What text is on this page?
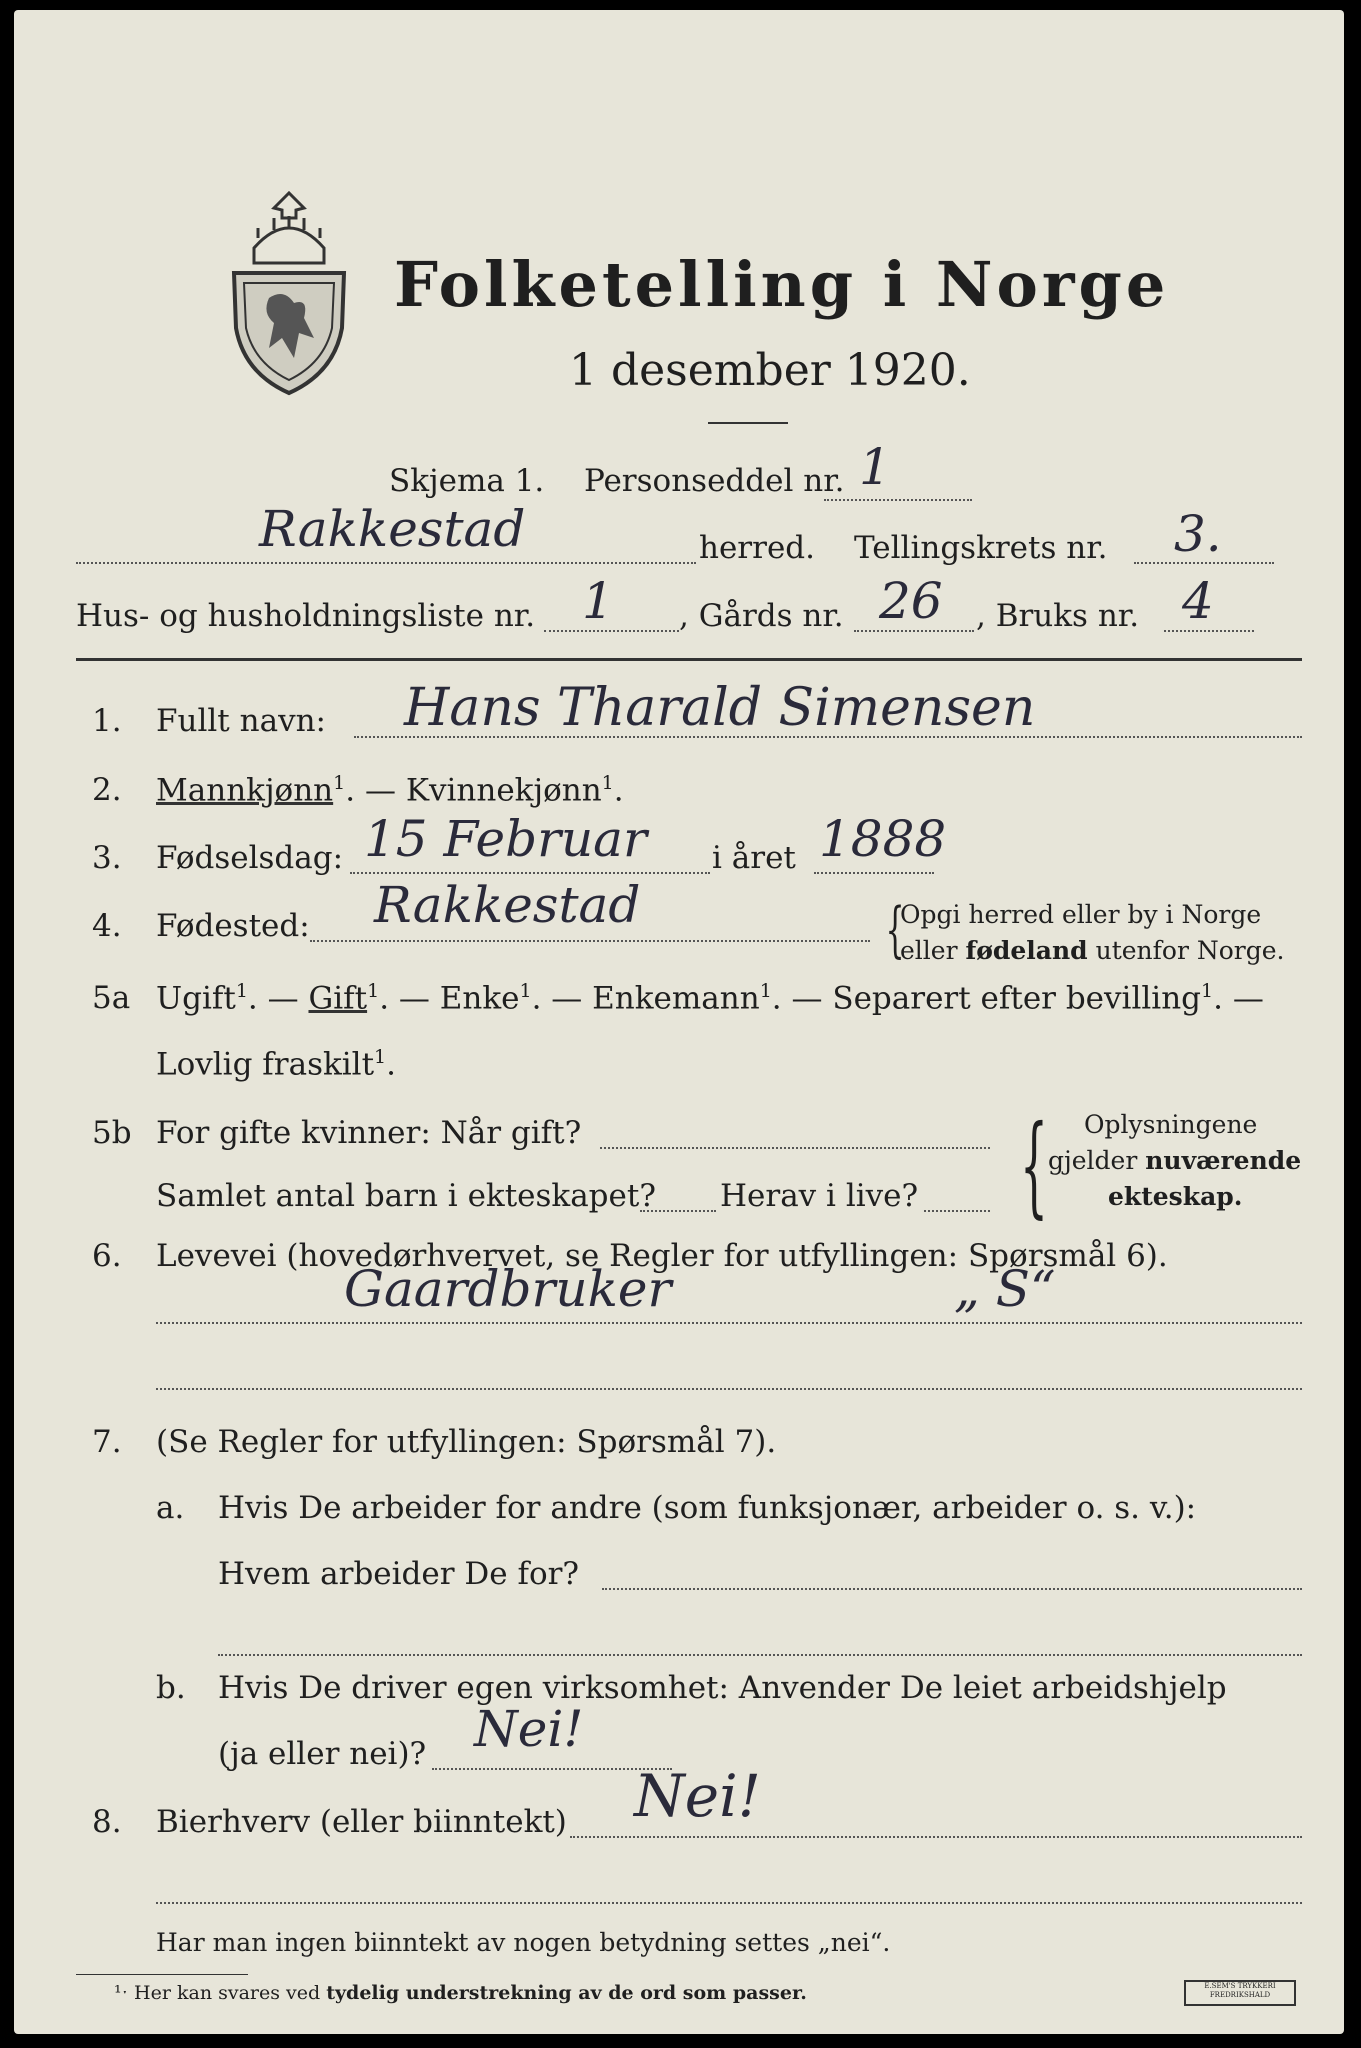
Folketelling i Norge
1 desember 1920.
Skjema 1. Personseddel nr. 1
Rakkestad	herred. Tellingskrets nr. 3.
Hus- og husholdningsliste nr. 1 , Gårds nr. 26 , Bruks nr. 4
1. Fullt navn: Hans Tharald Simensen
2. Mannkjønn$^1$. — Kvinnekjønn$^1$.
3. Fødselsdag: 15 Februar i året 1888
4. Fødested: Rakkestad	{
Opgi herred eller by i Norge
eller fødeland utenfor Norge.
5a Ugift$^1$. — Gift$^1$. — Enke$^1$. — Enkemann$^1$. — Separert efter bevilling$^1$. —
Lovlig fraskilt$^1$.
5b For gifte kvinner: Når gift?
Samlet antal barn i ekteskapet? Herav i live? { Oplysningene
gjelder nuværende
ekteskap.
6. Levevei (hovedørhvervet, se Regler for utfyllingen: Spørsmål 6).
Gaardbruker	„ S“
7. (Se Regler for utfyllingen: Spørsmål 7).
a. Hvis De arbeider for andre (som funksjonær, arbeider o. s. v.):
Hvem arbeider De for?
b. Hvis De driver egen virksomhet: Anvender De leiet arbeidshjelp
(ja eller nei)? Nei!
8. Bierhverv (eller biinntekt) Nei!
Har man ingen biinntekt av nogen betydning settes „nei“.
¹ˑ Her kan svares ved tydelig understrekning av de ord som passer.	E.SEM'S TRYKKERI FREDRIKSHALD
